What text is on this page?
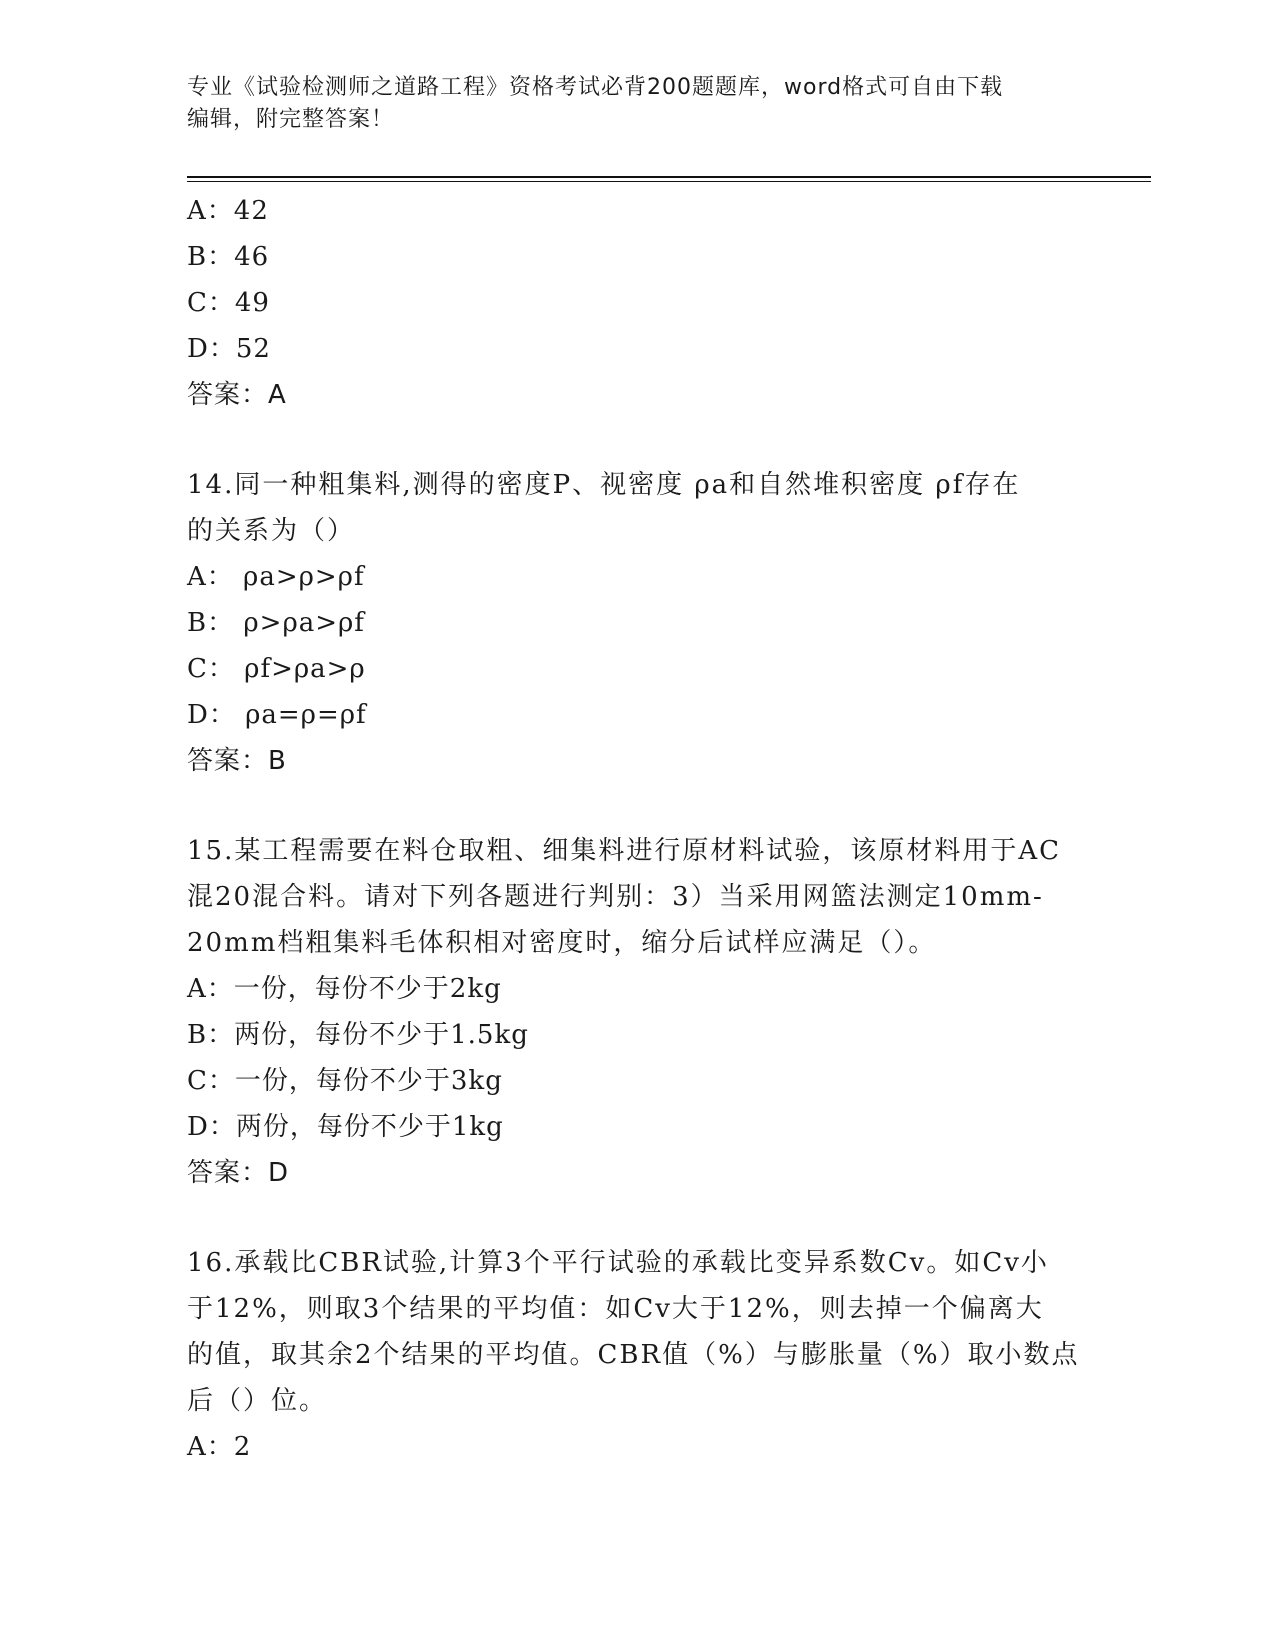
专业《试验检测师之道路工程》资格考试必背200题题库，word格式可自由下载
编辑，附完整答案！
A：42
B：46
C：49
D：52
答案：A
14.同一种粗集料,测得的密度P、视密度 ρa和自然堆积密度 ρf存在
的关系为（）
A： ρa>ρ>ρf
B： ρ>ρa>ρf
C： ρf>ρa>ρ
D： ρa=ρ=ρf
答案：B
15.某工程需要在料仓取粗、细集料进行原材料试验，该原材料用于AC
混20混合料。请对下列各题进行判别：3）当采用网篮法测定10mm-
20mm档粗集料毛体积相对密度时，缩分后试样应满足（）。
A：一份，每份不少于2kg
B：两份，每份不少于1.5kg
C：一份，每份不少于3kg
D：两份，每份不少于1kg
答案：D
16.承载比CBR试验,计算3个平行试验的承载比变异系数Cv。如Cv小
于12%，则取3个结果的平均值：如Cv大于12%，则去掉一个偏离大
的值，取其余2个结果的平均值。CBR值（%）与膨胀量（%）取小数点
后（）位。
A：2
